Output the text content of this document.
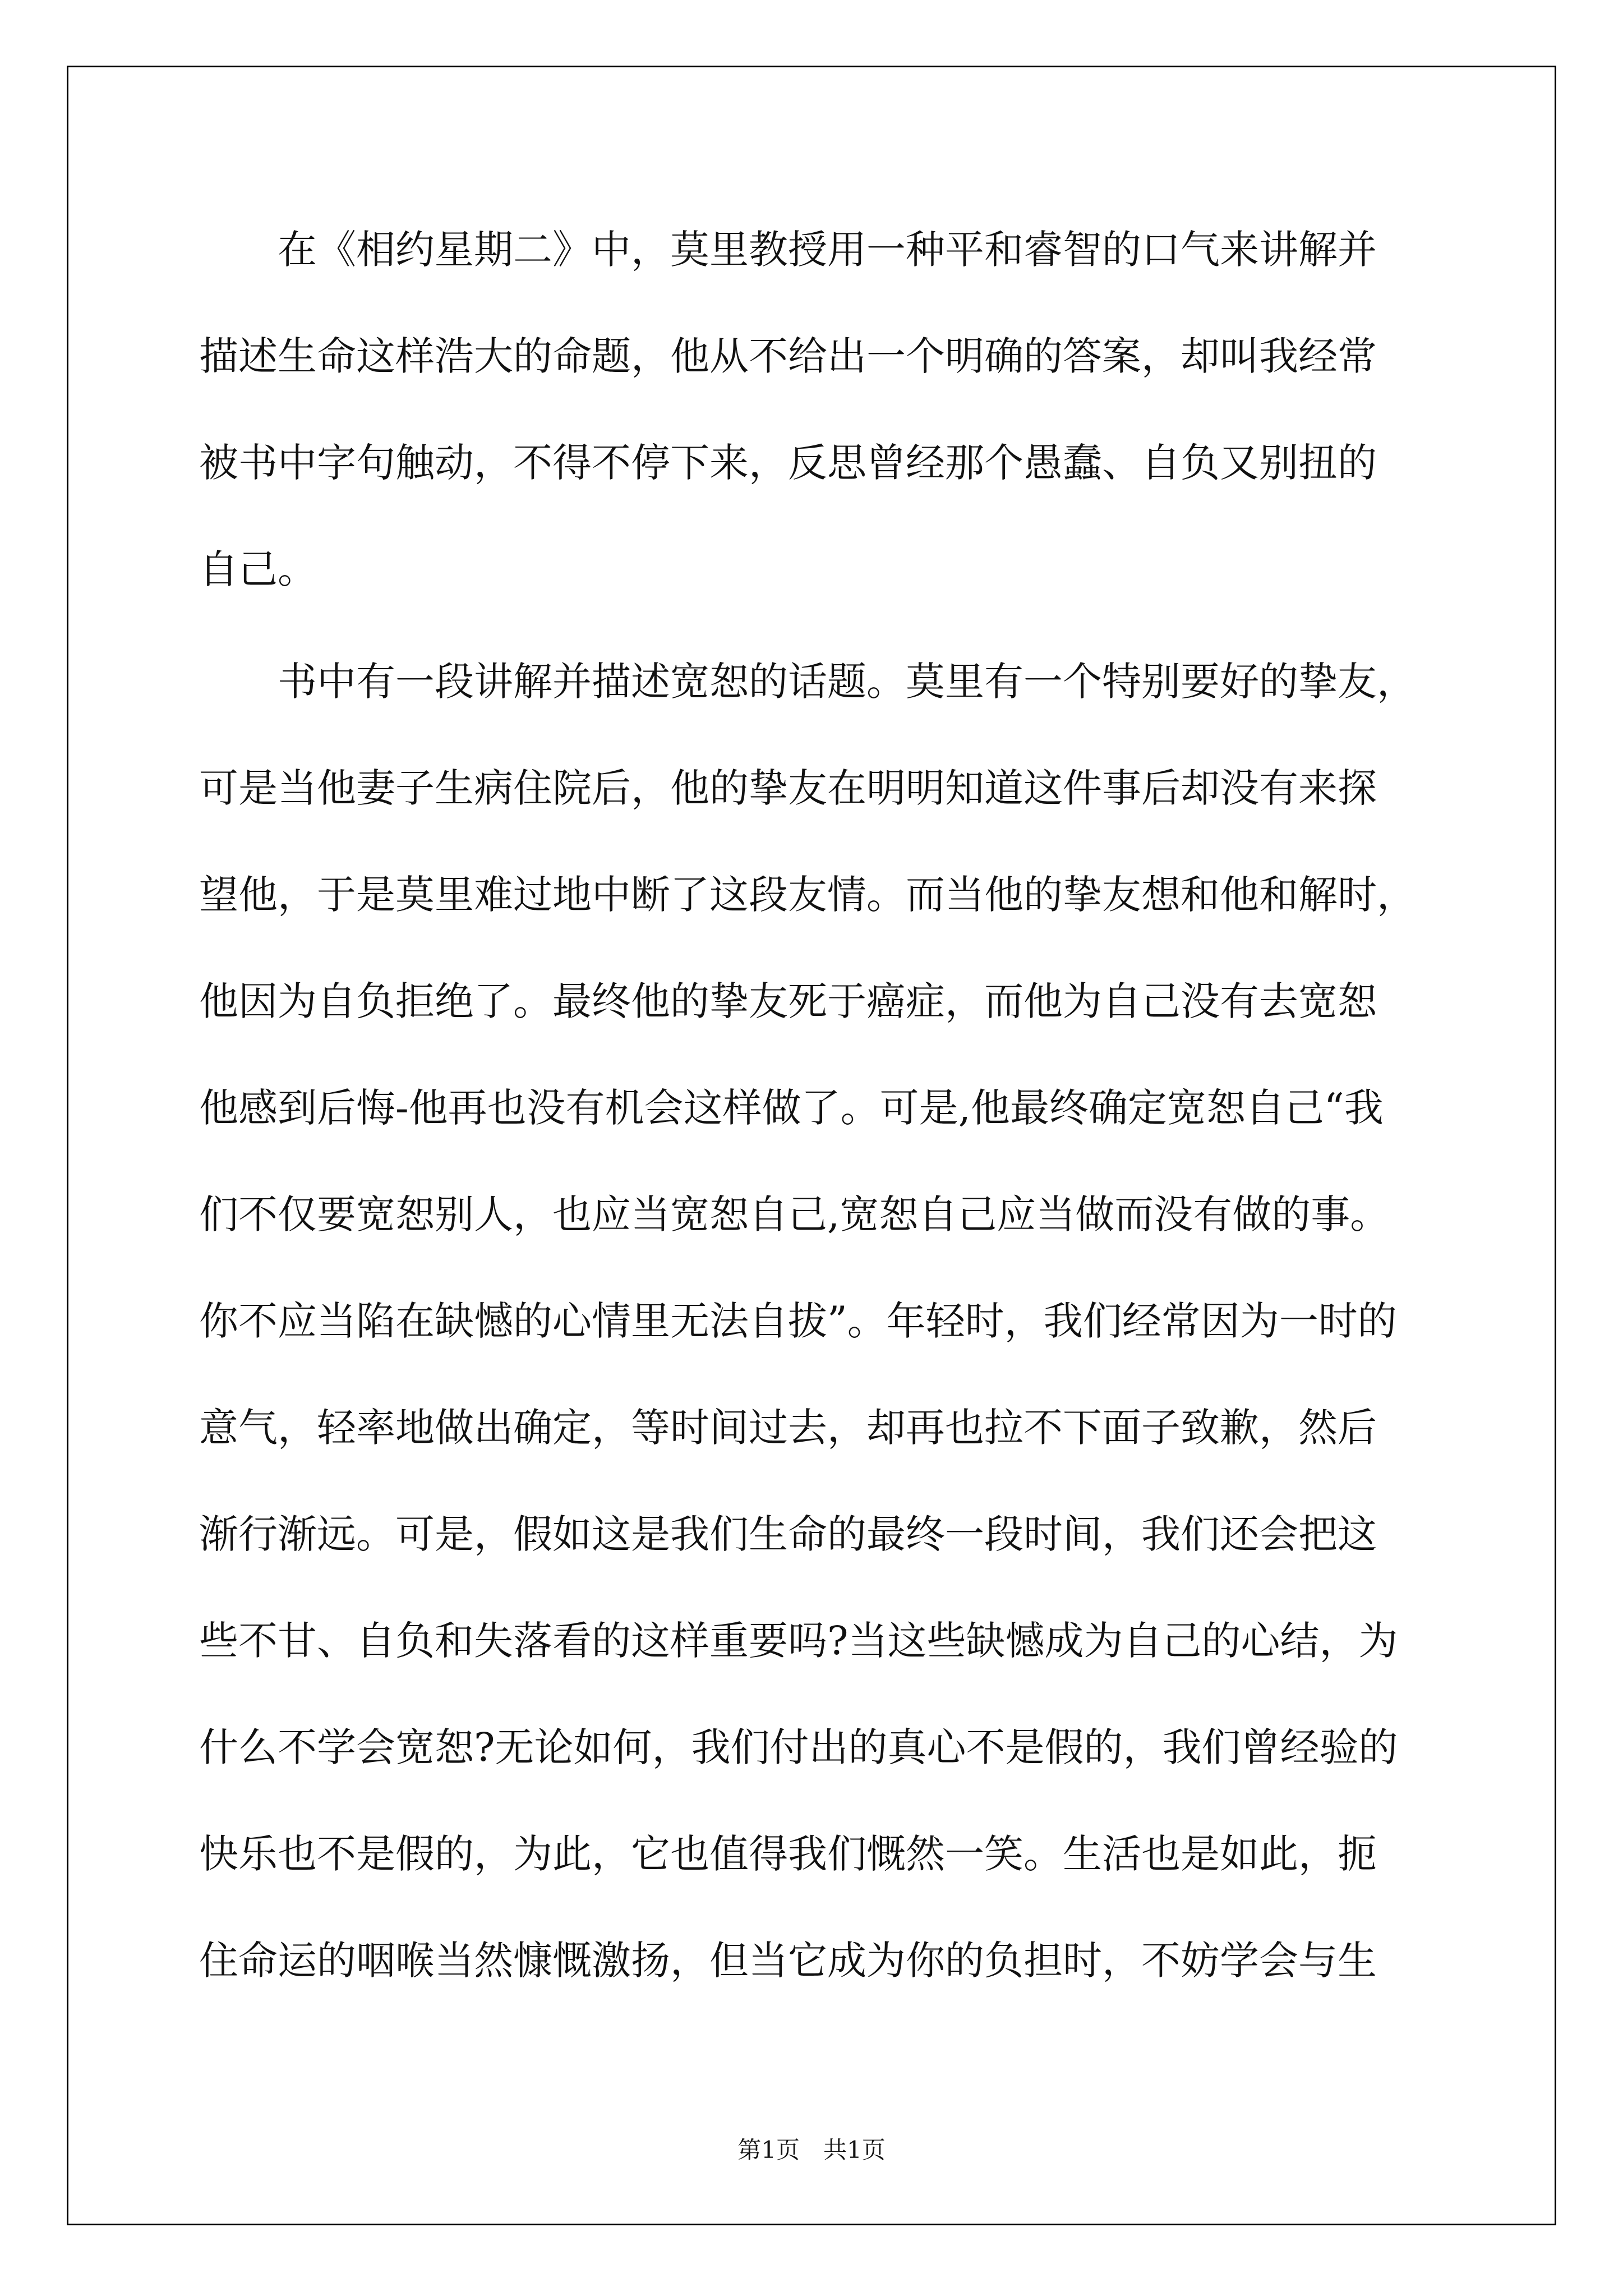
　　在《相约星期二》中，莫里教授用一种平和睿智的口气来讲解并
描述生命这样浩大的命题，他从不给出一个明确的答案，却叫我经常
被书中字句触动，不得不停下来，反思曾经那个愚蠢、自负又别扭的
自己。
　　书中有一段讲解并描述宽恕的话题。莫里有一个特别要好的挚友，
可是当他妻子生病住院后，他的挚友在明明知道这件事后却没有来探
望他，于是莫里难过地中断了这段友情。而当他的挚友想和他和解时，
他因为自负拒绝了。最终他的挚友死于癌症，而他为自己没有去宽恕
他感到后悔-他再也没有机会这样做了。可是,他最终确定宽恕自己“我
们不仅要宽恕别人，也应当宽恕自己,宽恕自己应当做而没有做的事。
你不应当陷在缺憾的心情里无法自拔”。年轻时，我们经常因为一时的
意气，轻率地做出确定，等时间过去，却再也拉不下面子致歉，然后
渐行渐远。可是，假如这是我们生命的最终一段时间，我们还会把这
些不甘、自负和失落看的这样重要吗?当这些缺憾成为自己的心结，为
什么不学会宽恕?无论如何，我们付出的真心不是假的，我们曾经验的
快乐也不是假的，为此，它也值得我们慨然一笑。生活也是如此，扼
住命运的咽喉当然慷慨激扬，但当它成为你的负担时，不妨学会与生
第1页　共1页
